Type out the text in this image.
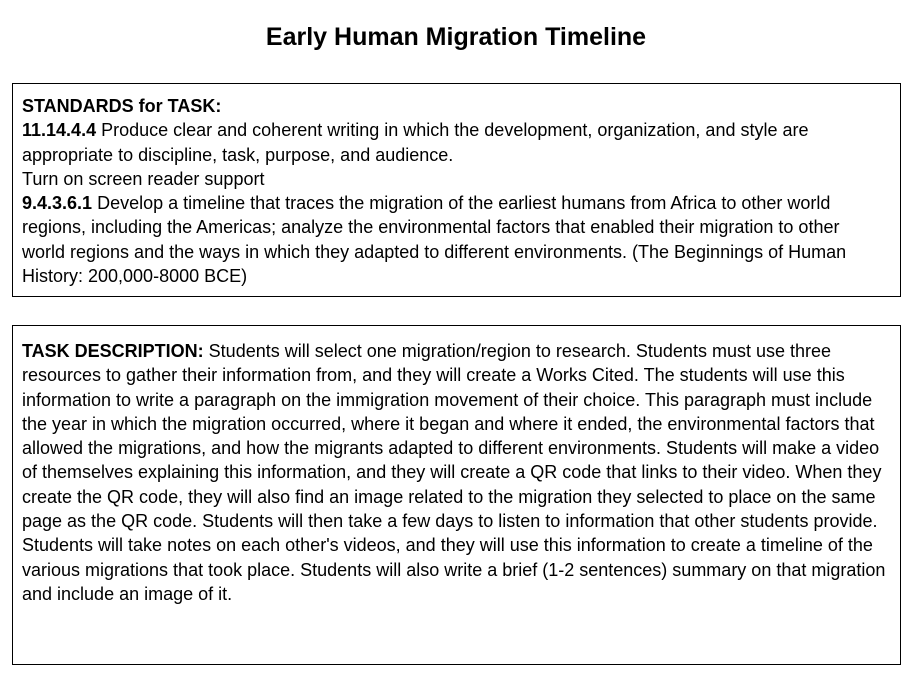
Early Human Migration Timeline
STANDARDS for TASK:

11.14.4.4 Produce clear and coherent writing in which the development, organization, and style are appropriate to discipline, task, purpose, and audience.

Turn on screen reader support

9.4.3.6.1 Develop a timeline that traces the migration of the earliest humans from Africa to other world regions, including the Americas; analyze the environmental factors that enabled their migration to other world regions and the ways in which they adapted to different environments. (The Beginnings of Human History: 200,000-8000 BCE)

TASK DESCRIPTION: Students will select one migration/region to research. Students must use three resources to gather their information from, and they will create a Works Cited. The students will use this information to write a paragraph on the immigration movement of their choice. This paragraph must include the year in which the migration occurred, where it began and where it ended, the environmental factors that allowed the migrations, and how the migrants adapted to different environments. Students will make a video of themselves explaining this information, and they will create a QR code that links to their video. When they create the QR code, they will also find an image related to the migration they selected to place on the same page as the QR code. Students will then take a few days to listen to information that other students provide. Students will take notes on each other's videos, and they will use this information to create a timeline of the various migrations that took place. Students will also write a brief (1-2 sentences) summary on that migration and include an image of it.
